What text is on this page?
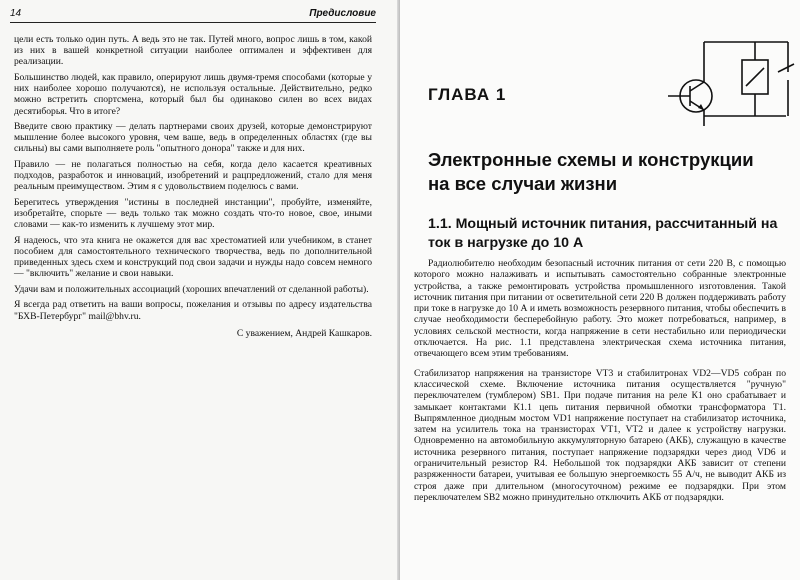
14	Предисловие

цели есть только один путь. А ведь это не так. Путей много, вопрос лишь в том, какой из них в вашей конкретной ситуации наиболее оптимален и эффективен для реализации.

Большинство людей, как правило, оперируют лишь двумя-тремя способами (которые у них наиболее хорошо получаются), не используя остальные. Действительно, редко можно встретить спортсмена, который был бы одинаково силен во всех видах десятиборья. Что в итоге?

Введите свою практику — делать партнерами своих друзей, которые демонстрируют мышление более высокого уровня, чем ваше, ведь в определенных областях (где вы сильны) вы сами выполняете роль "опытного донора" также и для них.

Правило — не полагаться полностью на себя, когда дело касается креативных подходов, разработок и инноваций, изобретений и рацпредложений, стало для меня реальным преимуществом. Этим я с удовольствием поделюсь с вами.

Берегитесь утверждения "истины в последней инстанции", пробуйте, изменяйте, изобретайте, спорьте — ведь только так можно создать что-то новое, свое, иными словами — как-то изменить к лучшему этот мир.

Я надеюсь, что эта книга не окажется для вас хрестоматией или учебником, в станет пособием для самостоятельного технического творчества, ведь по дополнительной приведенных здесь схем и конструкций под свои задачи и нужды надо совсем немного — "включить" желание и свои навыки.

Удачи вам и положительных ассоциаций (хороших впечатлений от сделанной работы).

Я всегда рад ответить на ваши вопросы, пожелания и отзывы по адресу издательства "БХВ-Петербург" mail@bhv.ru.

С уважением, Андрей Кашкаров.

ГЛАВА 1
Электронные схемы и конструкции на все случаи жизни
1.1. Мощный источник питания, рассчитанный на ток в нагрузке до 10 А

Радиолюбителю необходим безопасный источник питания от сети 220 В, с помощью которого можно налаживать и испытывать самостоятельно собранные электронные устройства, а также ремонтировать устройства промышленного изготовления. Такой источник питания при питании от осветительной сети 220 В должен поддерживать работу при токе в нагрузке до 10 А и иметь возможность резервного питания, чтобы обеспечить в случае необходимости бесперебойную работу. Это может потребоваться, например, в условиях сельской местности, когда напряжение в сети нестабильно или периодически отключается. На рис. 1.1 представлена электрическая схема источника питания, отвечающего всем этим требованиям.

Стабилизатор напряжения на транзисторе VT3 и стабилитронах VD2—VD5 собран по классической схеме. Включение источника питания осуществляется "ручную" переключателем (тумблером) SB1. При подаче питания на реле К1 оно срабатывает и замыкает контактами К1.1 цепь питания первичной обмотки трансформатора Т1. Выпрямленное диодным мостом VD1 напряжение поступает на стабилизатор источника, затем на усилитель тока на транзисторах VT1, VT2 и далее к устройству нагрузки. Одновременно на автомобильную аккумуляторную батарею (АКБ), служащую в качестве источника резервного питания, поступает напряжение подзарядки через диод VD6 и ограничительный резистор R4. Небольшой ток подзарядки АКБ зависит от степени разряженности батареи, учитывая ее большую энергоемкость 55 А/ч, не выводит АКБ из строя даже при длительном (многосуточном) режиме ее подзарядки. При этом переключателем SB2 можно принудительно отключить АКБ от подзарядки.
